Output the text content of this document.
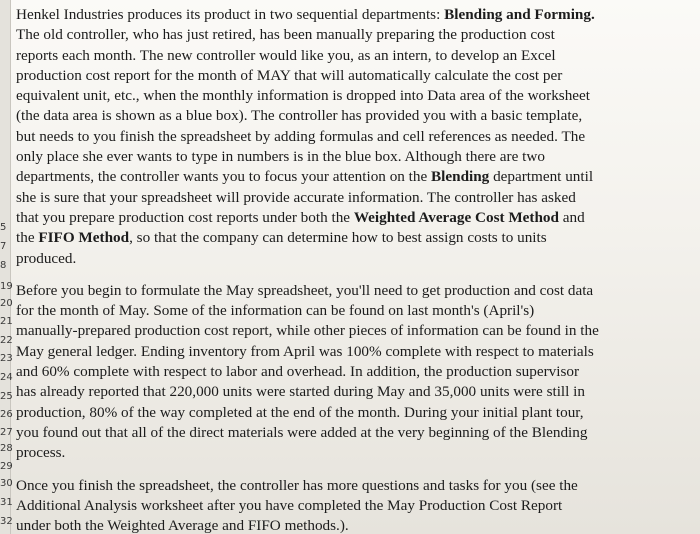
5
7
8
19
20
21
22
23
24
25
26
27
28
29
30
31
32
Henkel Industries produces its product in two sequential departments: Blending and Forming.
The old controller, who has just retired, has been manually preparing the production cost
reports each month. The new controller would like you, as an intern, to develop an Excel
production cost report for the month of MAY that will automatically calculate the cost per
equivalent unit, etc., when the monthly information is dropped into Data area of the worksheet
(the data area is shown as a blue box). The controller has provided you with a basic template,
but needs to you finish the spreadsheet by adding formulas and cell references as needed. The
only place she ever wants to type in numbers is in the blue box. Although there are two
departments, the controller wants you to focus your attention on the Blending department until
she is sure that your spreadsheet will provide accurate information. The controller has asked
that you prepare production cost reports under both the Weighted Average Cost Method and
the FIFO Method, so that the company can determine how to best assign costs to units
produced.
Before you begin to formulate the May spreadsheet, you'll need to get production and cost data
for the month of May. Some of the information can be found on last month's (April's)
manually-prepared production cost report, while other pieces of information can be found in the
May general ledger. Ending inventory from April was 100% complete with respect to materials
and 60% complete with respect to labor and overhead. In addition, the production supervisor
has already reported that 220,000 units were started during May and 35,000 units were still in
production, 80% of the way completed at the end of the month. During your initial plant tour,
you found out that all of the direct materials were added at the very beginning of the Blending
process.
Once you finish the spreadsheet, the controller has more questions and tasks for you (see the
Additional Analysis worksheet after you have completed the May Production Cost Report
under both the Weighted Average and FIFO methods.).
